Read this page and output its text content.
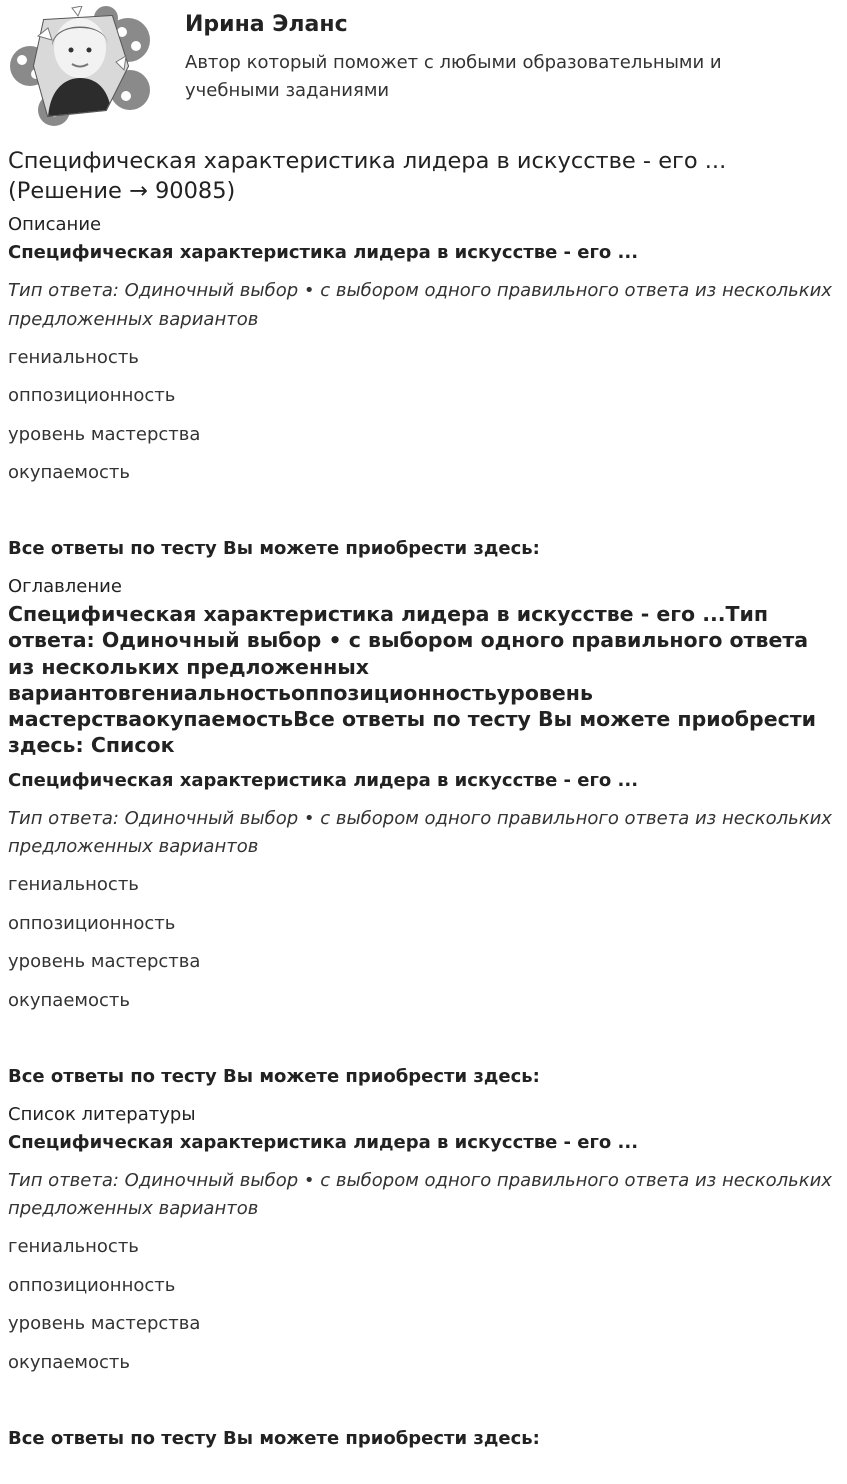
Ирина Эланс

Автор который поможет с любыми образовательными и учебными заданиями

Специфическая характеристика лидера в искусстве - его ... (Решение → 90085)

Описание

Специфическая характеристика лидера в искусстве - его ...

Тип ответа: Одиночный выбор • с выбором одного правильного ответа из нескольких предложенных вариантов

гениальность

оппозиционность

уровень мастерства

окупаемость

Все ответы по тесту Вы можете приобрести здесь:

Оглавление

Специфическая характеристика лидера в искусстве - его ...Тип ответа: Одиночный выбор • с выбором одного правильного ответа из нескольких предложенных вариантовгениальностьоппозиционностьуровень мастерстваокупаемостьВсе ответы по тесту Вы можете приобрести здесь: Список

Специфическая характеристика лидера в искусстве - его ...

Тип ответа: Одиночный выбор • с выбором одного правильного ответа из нескольких предложенных вариантов

гениальность

оппозиционность

уровень мастерства

окупаемость

Все ответы по тесту Вы можете приобрести здесь:

Список литературы

Специфическая характеристика лидера в искусстве - его ...

Тип ответа: Одиночный выбор • с выбором одного правильного ответа из нескольких предложенных вариантов

гениальность

оппозиционность

уровень мастерства

окупаемость

Все ответы по тесту Вы можете приобрести здесь:
